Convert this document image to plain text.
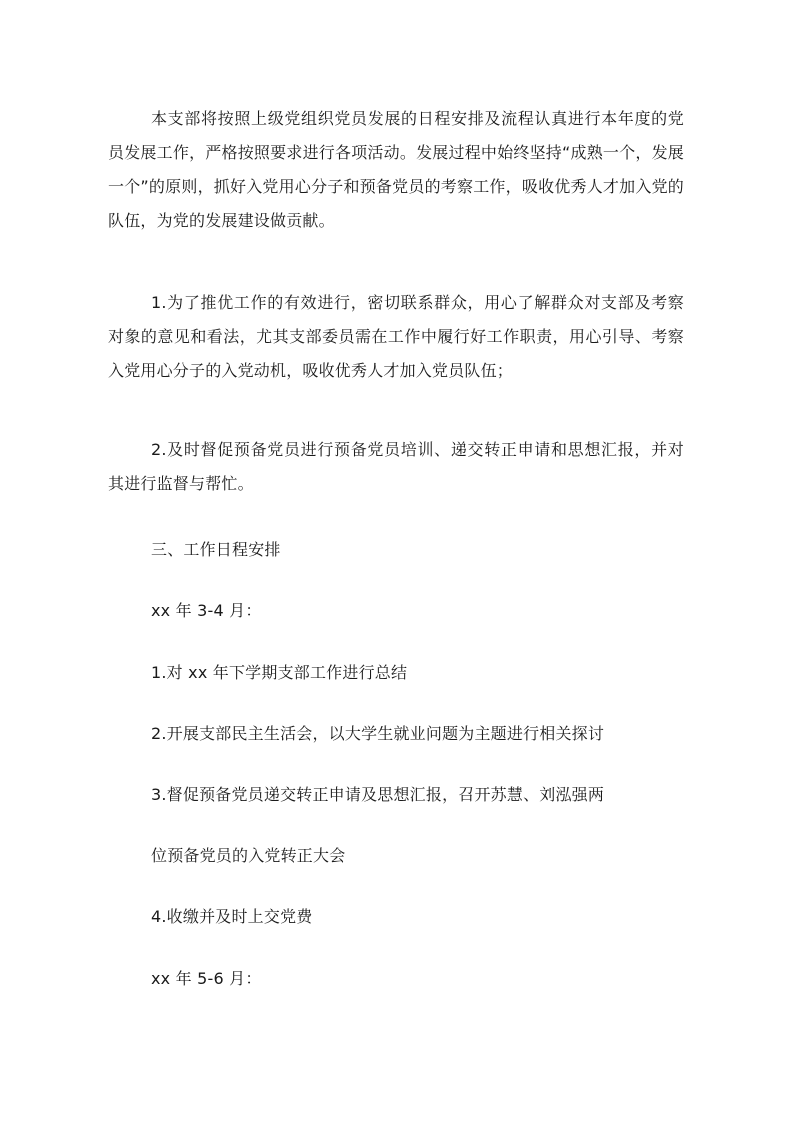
本支部将按照上级党组织党员发展的日程安排及流程认真进行本年度的党员发展工作，严格按照要求进行各项活动。发展过程中始终坚持“成熟一个，发展一个”的原则，抓好入党用心分子和预备党员的考察工作，吸收优秀人才加入党的队伍，为党的发展建设做贡献。

1.为了推优工作的有效进行，密切联系群众，用心了解群众对支部及考察对象的意见和看法，尤其支部委员需在工作中履行好工作职责，用心引导、考察入党用心分子的入党动机，吸收优秀人才加入党员队伍；

2.及时督促预备党员进行预备党员培训、递交转正申请和思想汇报，并对其进行监督与帮忙。

三、工作日程安排

xx 年 3-4 月：

1.对 xx 年下学期支部工作进行总结

2.开展支部民主生活会，以大学生就业问题为主题进行相关探讨

3.督促预备党员递交转正申请及思想汇报，召开苏慧、刘泓强两

位预备党员的入党转正大会

4.收缴并及时上交党费

xx 年 5-6 月：
